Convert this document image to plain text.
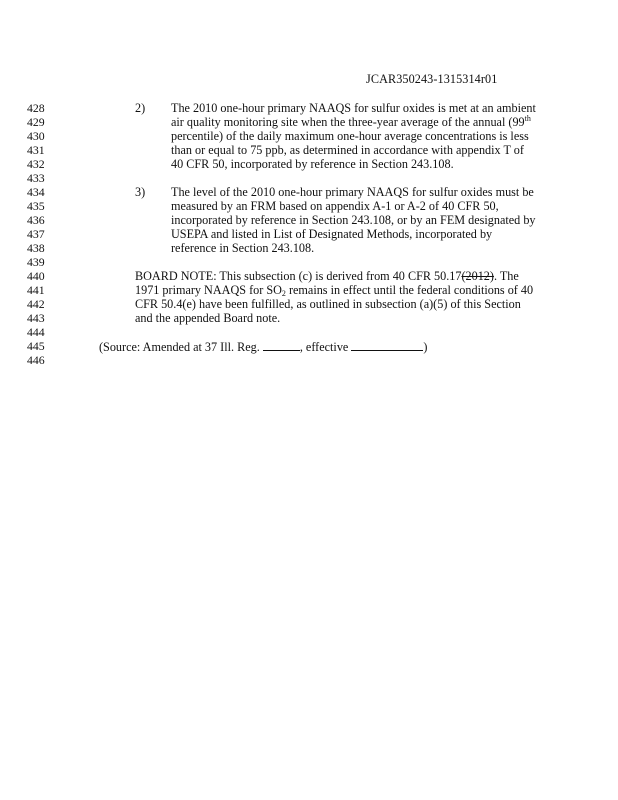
JCAR350243-1315314r01
428
429
430
431
432
433
434
435
436
437
438
439
440
441
442
443
444
445
446
2) The 2010 one-hour primary NAAQS for sulfur oxides is met at an ambient
air quality monitoring site when the three-year average of the annual (99th
percentile) of the daily maximum one-hour average concentrations is less
than or equal to 75 ppb, as determined in accordance with appendix T of
40 CFR 50, incorporated by reference in Section 243.108.
3) The level of the 2010 one-hour primary NAAQS for sulfur oxides must be
measured by an FRM based on appendix A-1 or A-2 of 40 CFR 50,
incorporated by reference in Section 243.108, or by an FEM designated by
USEPA and listed in List of Designated Methods, incorporated by
reference in Section 243.108.
BOARD NOTE: This subsection (c) is derived from 40 CFR 50.17(2012). The
1971 primary NAAQS for $SO_2$ remains in effect until the federal conditions of 40
CFR 50.4(e) have been fulfilled, as outlined in subsection (a)(5) of this Section
and the appended Board note.
(Source: Amended at 37 Ill. Reg.	, effective	)
